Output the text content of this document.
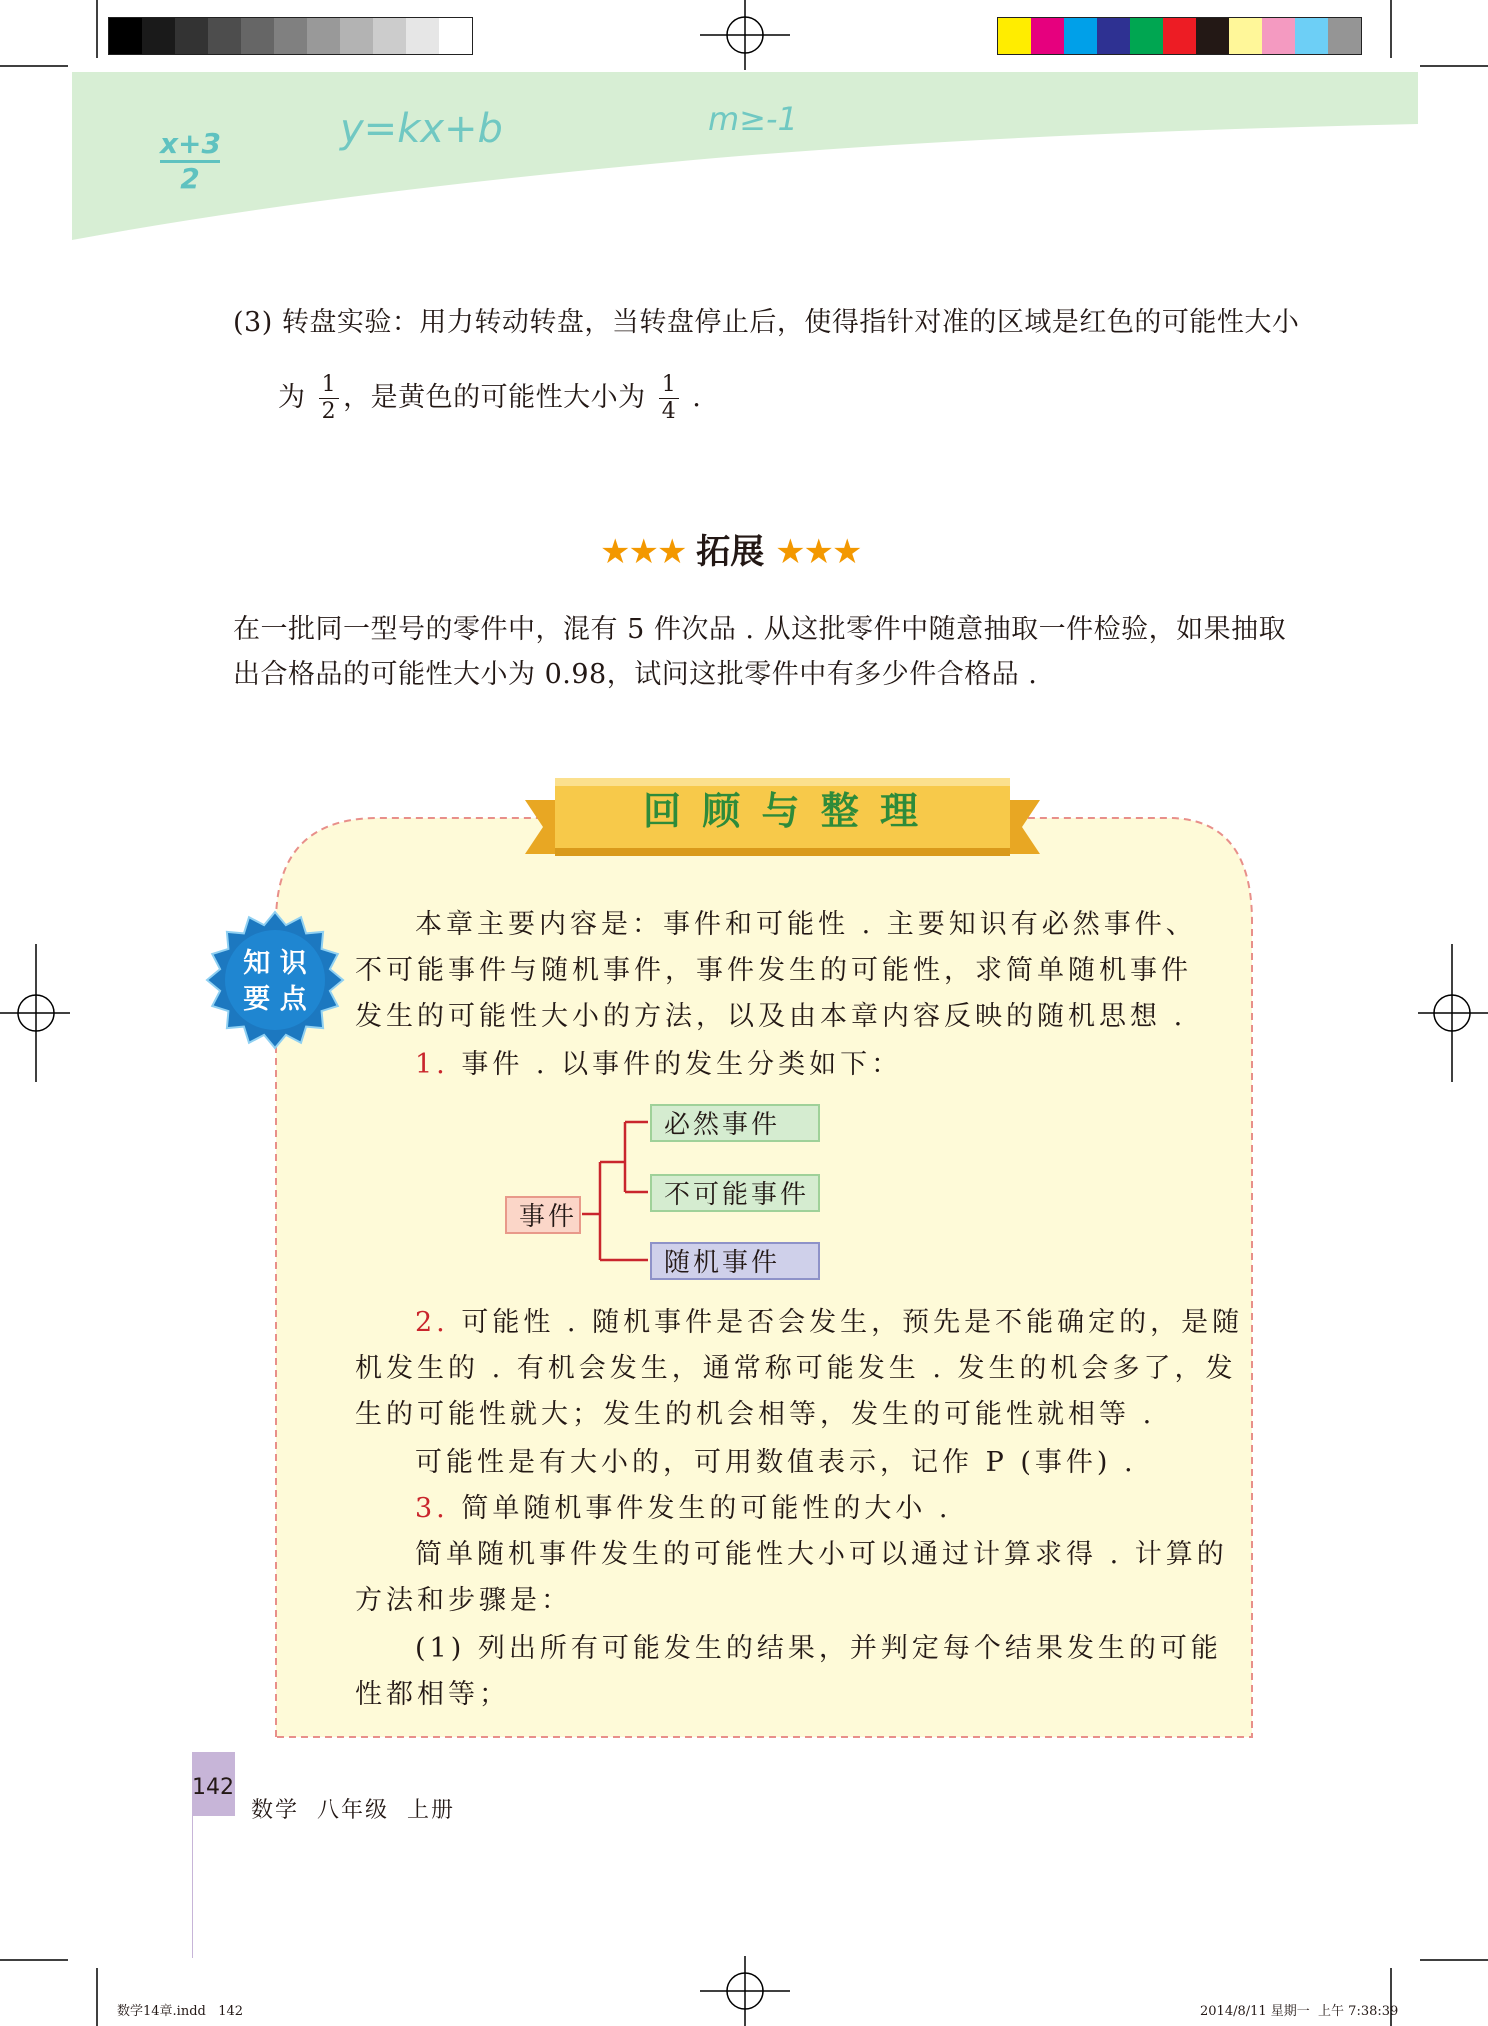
x+3
2
y=kx+b	m≥-1
(3) 转盘实验：用力转动转盘，当转盘停止后，使得指针对准的区域是红色的可能性大小
为 $\frac{1}{2}$ ，是黄色的可能性大小为 $\frac{1}{4}$ .
★★★ 拓展 ★★★
在一批同一型号的零件中，混有 5 件次品 . 从这批零件中随意抽取一件检验，如果抽取
出合格品的可能性大小为 0.98，试问这批零件中有多少件合格品 .
回 顾 与 整 理
知 识
要 点
本章主要内容是：事件和可能性 . 主要知识有必然事件、
不可能事件与随机事件，事件发生的可能性，求简单随机事件
发生的可能性大小的方法，以及由本章内容反映的随机思想 .
1. 事件 . 以事件的发生分类如下：
事件
必然事件
不可能事件
随机事件
2. 可能性 . 随机事件是否会发生，预先是不能确定的，是随
机发生的 . 有机会发生，通常称可能发生 . 发生的机会多了，发
生的可能性就大；发生的机会相等，发生的可能性就相等 .
可能性是有大小的，可用数值表示，记作 P (事件) .
3. 简单随机事件发生的可能性的大小 .
简单随机事件发生的可能性大小可以通过计算求得 . 计算的
方法和步骤是：
(1) 列出所有可能发生的结果，并判定每个结果发生的可能
性都相等；
142
数学  八年级  上册
数学14章.indd   142	2014/8/11 星期一  上午 7:38:39
